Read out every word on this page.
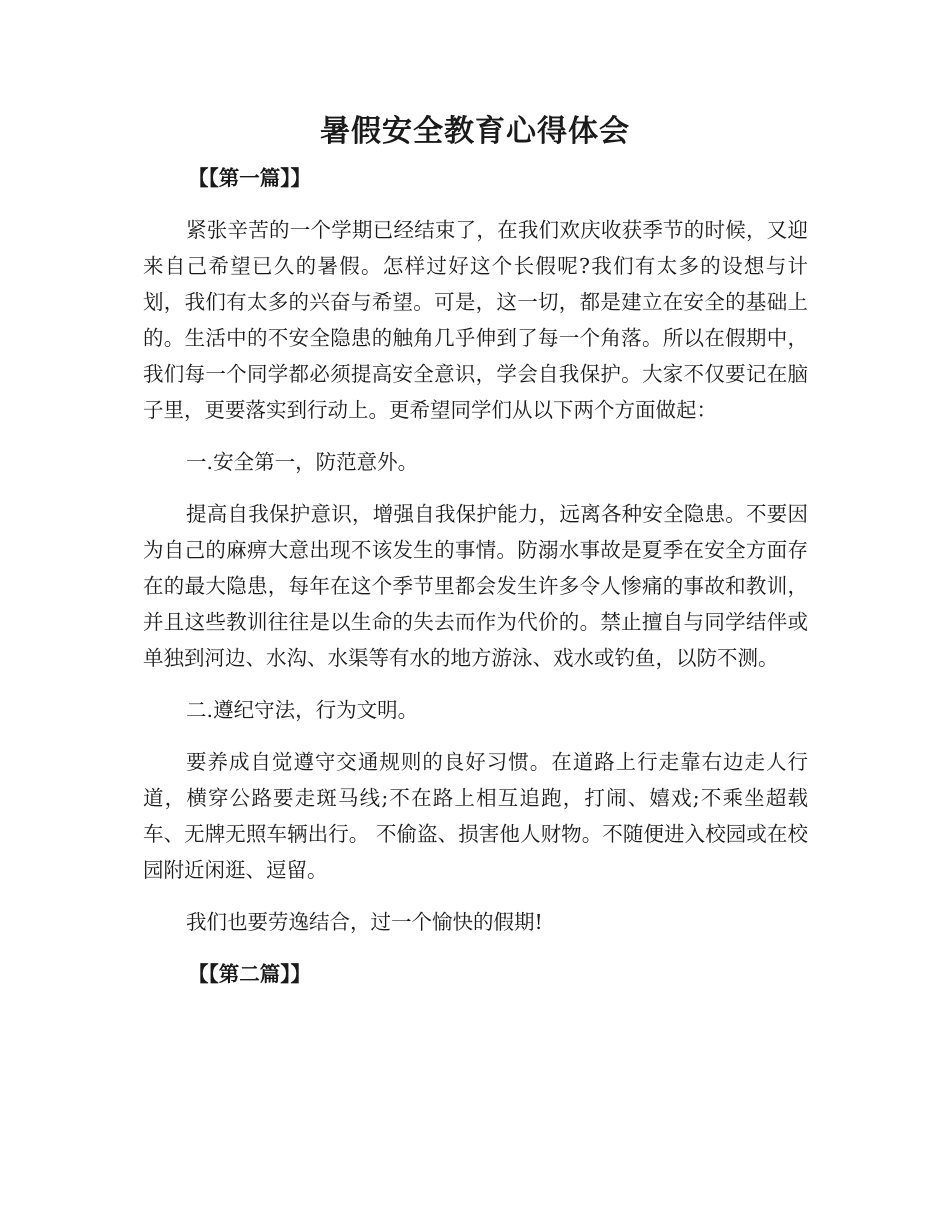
暑假安全教育心得体会

【【第一篇】】

紧张辛苦的一个学期已经结束了，在我们欢庆收获季节的时候，又迎来自己希望已久的暑假。怎样过好这个长假呢?我们有太多的设想与计划，我们有太多的兴奋与希望。可是，这一切，都是建立在安全的基础上的。生活中的不安全隐患的触角几乎伸到了每一个角落。所以在假期中，我们每一个同学都必须提高安全意识，学会自我保护。大家不仅要记在脑子里，更要落实到行动上。更希望同学们从以下两个方面做起：

一.安全第一，防范意外。

提高自我保护意识，增强自我保护能力，远离各种安全隐患。不要因为自己的麻痹大意出现不该发生的事情。防溺水事故是夏季在安全方面存在的最大隐患，每年在这个季节里都会发生许多令人惨痛的事故和教训，并且这些教训往往是以生命的失去而作为代价的。禁止擅自与同学结伴或单独到河边、水沟、水渠等有水的地方游泳、戏水或钓鱼，以防不测。

二.遵纪守法，行为文明。

要养成自觉遵守交通规则的良好习惯。在道路上行走靠右边走人行道，横穿公路要走斑马线;不在路上相互追跑，打闹、嬉戏;不乘坐超载车、无牌无照车辆出行。 不偷盗、损害他人财物。不随便进入校园或在校园附近闲逛、逗留。

我们也要劳逸结合，过一个愉快的假期!

【【第二篇】】
